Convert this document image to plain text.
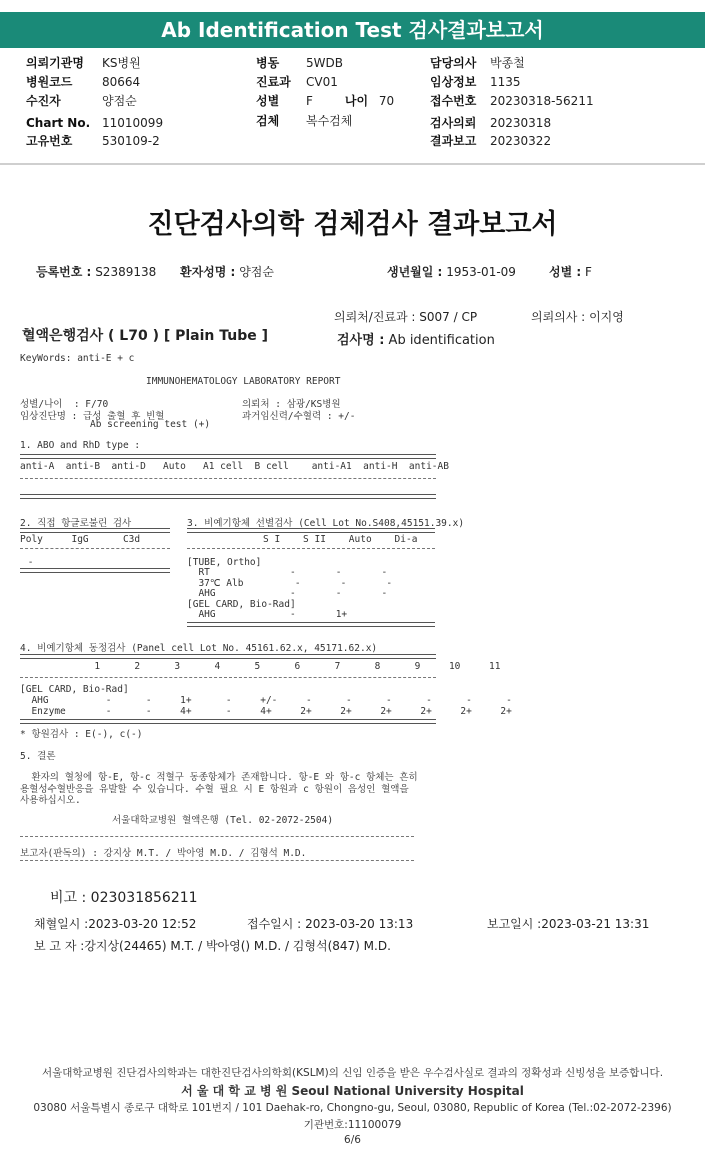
Ab Identification Test 검사결과보고서
의뢰기관명 KS병원
병원코드 80664
수진자	양점순
Chart No. 11010099
고유번호 530109-2
병동 5WDB
진료과 CV01
성별 F	나이 70
검체 복수검체
담당의사 박종철
임상정보 1135
접수번호 20230318-56211
검사의뢰 20230318
결과보고 20230322
진단검사의학 검체검사 결과보고서
등록번호 : S2389138 환자성명 : 양점순	생년월일 : 1953-01-09	성별 : F
의뢰처/진료과 : S007 / CP	의뢰의사 : 이지영
혈액은행검사 ( L70 ) [ Plain Tube ]	검사명 : Ab identification
KeyWords: anti-E + c
IMMUNOHEMATOLOGY LABORATORY REPORT
성별/나이  : F/70	의뢰처 : 삼광/KS병원
임상진단명 : 급성 출혈 후 빈혈	과거임신력/수혈력 : +/-
Ab screening test (+)
1. ABO and RhD type :
anti-A  anti-B  anti-D   Auto   A1 cell  B cell    anti-A1  anti-H  anti-AB
2. 직접 항글로불린 검사
Poly     IgG      C3d
-
3. 비예기항체 선별검사 (Cell Lot No.S408,45151.39.x)
S I    S II    Auto    Di-a
[TUBE, Ortho]
RT              -       -       -
37℃ Alb         -       -       -
AHG             -       -       -
[GEL CARD, Bio-Rad]
AHG             -       1+
4. 비예기항체 동정검사 (Panel cell Lot No. 45161.62.x, 45171.62.x)
1      2      3      4      5      6      7      8      9     10     11
[GEL CARD, Bio-Rad]
AHG          -      -     1+      -     +/-     -      -      -      -      -      -
Enzyme       -      -     4+      -     4+     2+     2+     2+     2+     2+     2+
* 항원검사 : E(-), c(-)
5. 결론
환자의 혈청에 항-E, 항-c 적혈구 동종항체가 존재합니다. 항-E 와 항-c 항체는 흔히
용혈성수혈반응을 유발할 수 있습니다. 수혈 필요 시 E 항원과 c 항원이 음성인 혈액을
사용하십시오.
서울대학교병원 혈액은행 (Tel. 02-2072-2504)
보고자(판독의) : 강지상 M.T. / 박아영 M.D. / 김형석 M.D.
비고 : 023031856211
채혈일시 :2023-03-20 12:52	접수일시 : 2023-03-20 13:13	보고일시 :2023-03-21 13:31
보 고 자 :강지상(24465) M.T. / 박아영() M.D. / 김형석(847) M.D.
서울대학교병원 진단검사의학과는 대한진단검사의학회(KSLM)의 신임 인증을 받은 우수검사실로 결과의 정확성과 신빙성을 보증합니다.
서 울 대 학 교 병 원 Seoul National University Hospital
03080 서울특별시 종로구 대학로 101번지 / 101 Daehak-ro, Chongno-gu, Seoul, 03080, Republic of Korea (Tel.:02-2072-2396)
기관번호:11100079
6/6
